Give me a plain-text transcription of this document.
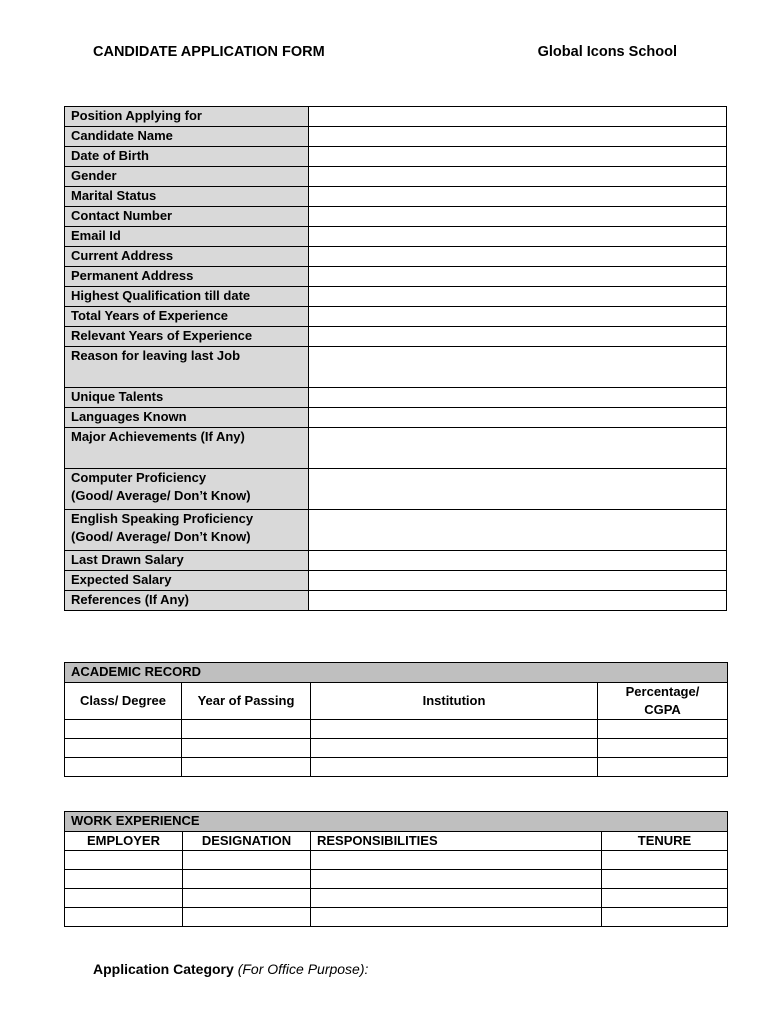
CANDIDATE APPLICATION FORM	Global Icons School
Position Applying for	
Candidate Name	
Date of Birth	
Gender	
Marital Status	
Contact Number	
Email Id	
Current Address	
Permanent Address	
Highest Qualification till date	
Total Years of Experience	
Relevant Years of Experience	
Reason for leaving last Job	
Unique Talents	
Languages Known	
Major Achievements (If Any)	
Computer Proficiency
(Good/ Average/ Don’t Know)	
English Speaking Proficiency
(Good/ Average/ Don’t Know)	
Last Drawn Salary	
Expected Salary	
References (If Any)	
ACADEMIC RECORD			
Class/ Degree	Year of Passing	Institution	Percentage/
CGPA

WORK EXPERIENCE			
EMPLOYER	DESIGNATION	RESPONSIBILITIES	TENURE

Application Category (For Office Purpose):
